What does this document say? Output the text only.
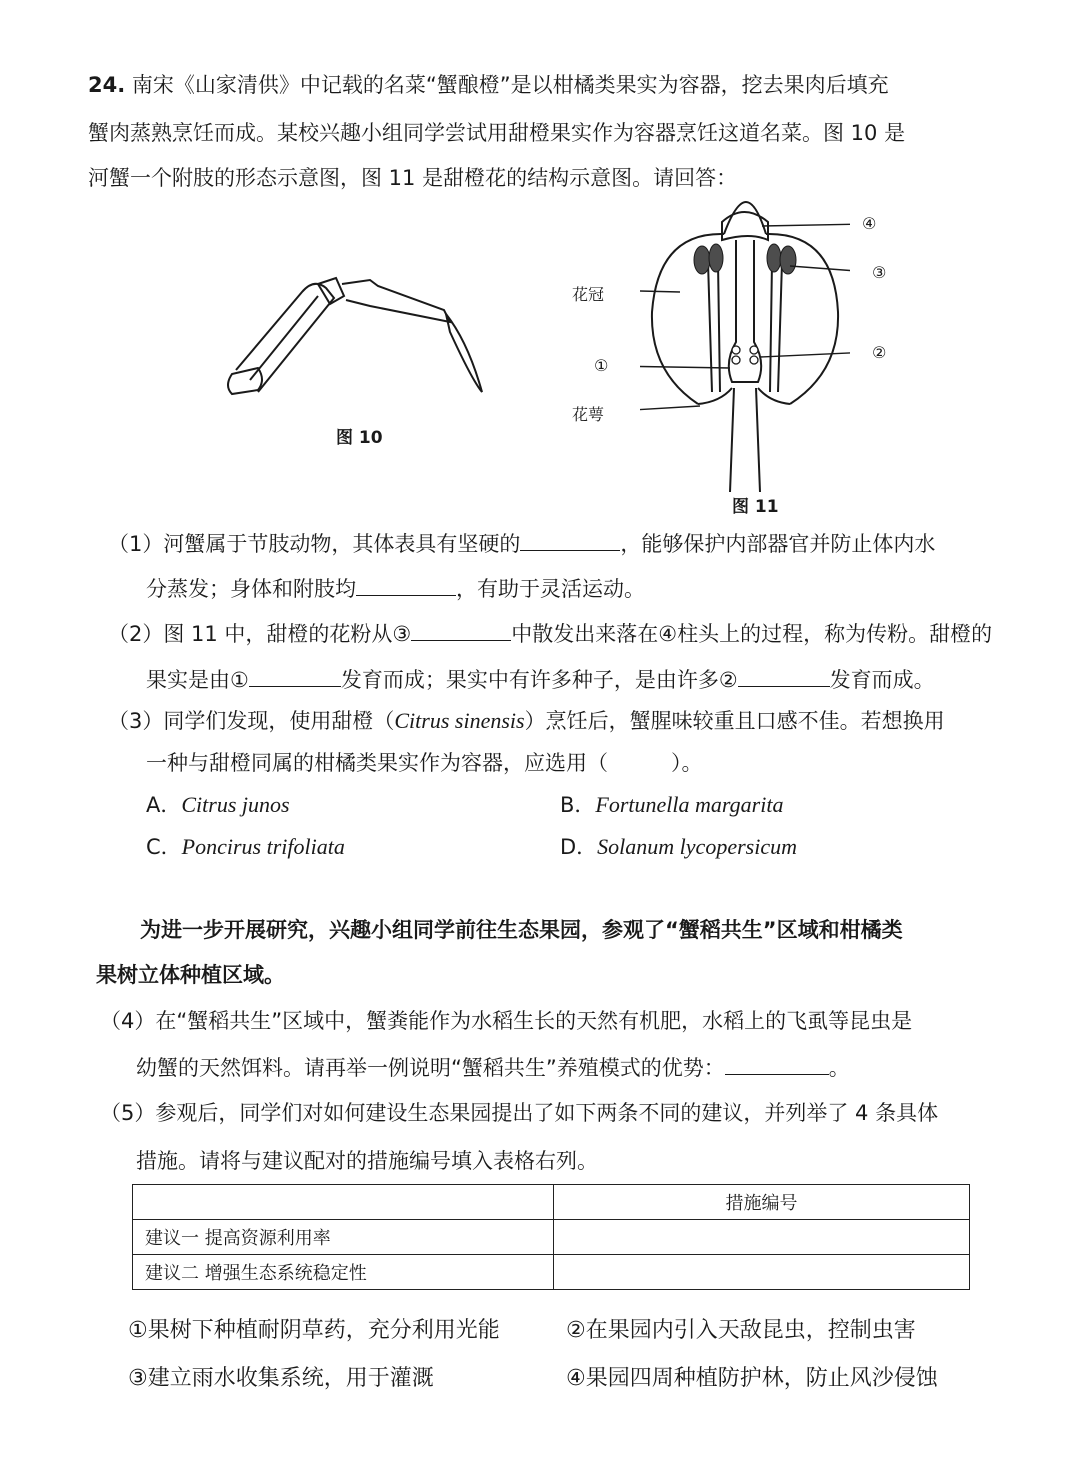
24. 南宋《山家清供》中记载的名菜“蟹酿橙”是以柑橘类果实为容器，挖去果肉后填充
蟹肉蒸熟烹饪而成。某校兴趣小组同学尝试用甜橙果实作为容器烹饪这道名菜。图 10 是
河蟹一个附肢的形态示意图，图 11 是甜橙花的结构示意图。请回答：
图 10
④
③
②
花冠
①
花萼
图 11
（1）河蟹属于节肢动物，其体表具有坚硬的	，能够保护内部器官并防止体内水
分蒸发；身体和附肢均	，有助于灵活运动。
（2）图 11 中，甜橙的花粉从③	中散发出来落在④柱头上的过程，称为传粉。甜橙的
果实是由①	发育而成；果实中有许多种子，是由许多②	发育而成。
（3）同学们发现，使用甜橙（Citrus sinensis）烹饪后，蟹腥味较重且口感不佳。若想换用
一种与甜橙同属的柑橘类果实作为容器，应选用（　　　）。
A．Citrus junos	B．Fortunella margarita
C．Poncirus trifoliata	D．Solanum lycopersicum
为进一步开展研究，兴趣小组同学前往生态果园，参观了“蟹稻共生”区域和柑橘类
果树立体种植区域。
（4）在“蟹稻共生”区域中，蟹粪能作为水稻生长的天然有机肥，水稻上的飞虱等昆虫是
幼蟹的天然饵料。请再举一例说明“蟹稻共生”养殖模式的优势：	。
（5）参观后，同学们对如何建设生态果园提出了如下两条不同的建议，并列举了 4 条具体
措施。请将与建议配对的措施编号填入表格右列。
	措施编号
建议一 提高资源利用率	
建议二 增强生态系统稳定性	
①果树下种植耐阴草药，充分利用光能	②在果园内引入天敌昆虫，控制虫害
③建立雨水收集系统，用于灌溉	④果园四周种植防护林，防止风沙侵蚀
